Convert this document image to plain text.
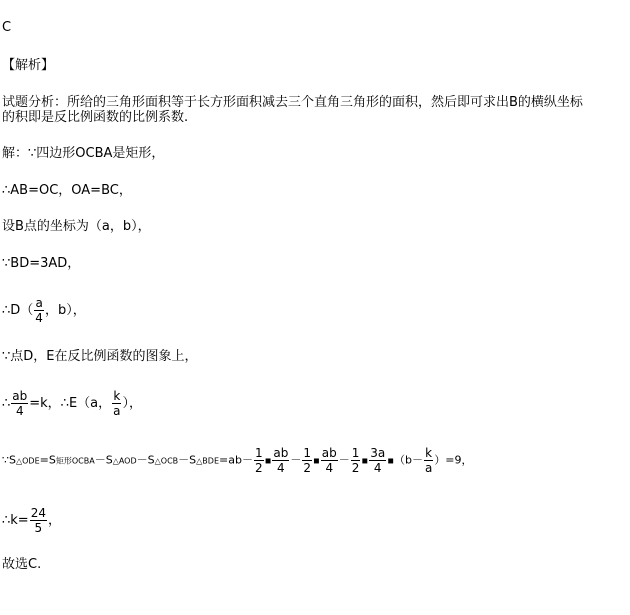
C
【解析】
试题分析：所给的三角形面积等于长方形面积减去三个直角三角形的面积，然后即可求出B的横纵坐标
的积即是反比例函数的比例系数.
解：∵四边形OCBA是矩形，
∴AB=OC，OA=BC，
设B点的坐标为（a，b），
∵BD=3AD，
∴D（ $\frac{a}{4}$ ，b），
∵点D，E在反比例函数的图象上，
∴ $\frac{ab}{4} =k$，∴E（a， $\frac{k}{a}$ ），
∵S△ODE=S矩形OCBA－S△AOD－S△OCB－S△BDE=ab－ $\frac{1}{2}$ ▪ $\frac{ab}{4} - \frac{1}{2}$ ▪ $\frac{ab}{4} - \frac{1}{2}$ ▪ $\frac{3a}{4}$ ▪（b－ $\frac{k}{a} )=9$，
∴k= $\frac{24}{5}$ ，
故选C.
